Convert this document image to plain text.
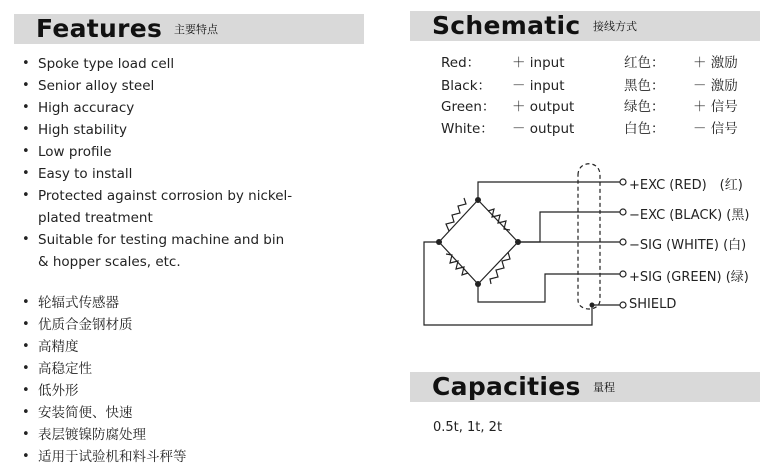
Features 主要特点
• Spoke type load cell
• Senior alloy steel
• High accuracy
• High stability
• Low profile
• Easy to install
• Protected against corrosion by nickel-
plated treatment
• Suitable for testing machine and bin
& hopper scales, etc.
• 轮辐式传感器
• 优质合金钢材质
• 高精度
• 高稳定性
• 低外形
• 安装简便、快速
• 表层镀镍防腐处理
• 适用于试验机和料斗秤等
Schematic 接线方式
Red： ＋ input
Black： － input
Green： ＋ output
White： － output
红色： ＋ 激励
黑色： － 激励
绿色： ＋ 信号
白色： － 信号
+EXC (RED)　(红)
−EXC (BLACK) (黑)
−SIG (WHITE) (白)
+SIG (GREEN) (绿)
SHIELD
Capacities 量程
0.5t, 1t, 2t
